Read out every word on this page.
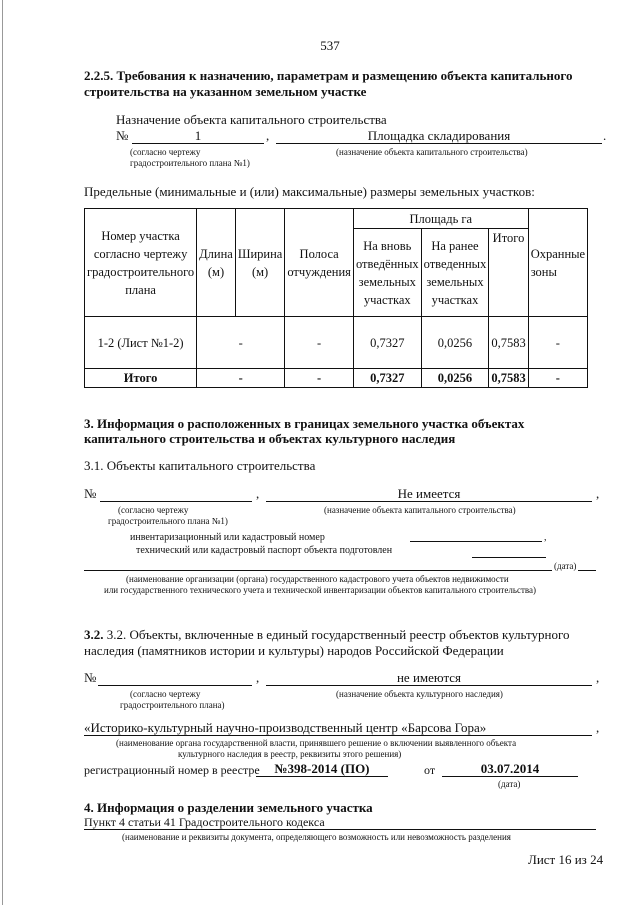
537
2.2.5. Требования к назначению, параметрам и размещению объекта капитального
строительства на указанном земельном участке
Назначение объекта капитального строительства
№	1	,	Площадка складирования	.
(согласно чертежу
градостроительного плана №1)
(назначение объекта капитального строительства)
Предельные (минимальные и (или) максимальные) размеры земельных участков:
Номер участка согласно чертежу градостроительного плана	Длина (м)	Ширина (м)	Полоса отчуждения	Площадь га			Охранные зоны
				На вновь отведённых земельных участках	На ранее отведенных земельных участках	Итого	
1-2 (Лист №1-2)	-		-	0,7327	0,0256	0,7583	-
Итого	-		-	0,7327	0,0256	0,7583	-
3. Информация о расположенных в границах земельного участка объектах
капитального строительства и объектах культурного наследия
3.1. Объекты капитального строительства
№	,	Не имеется	,
(согласно чертежу
градостроительного плана №1)
(назначение объекта капитального строительства)
инвентаризационный или кадастровый номер	,
технический или кадастровый паспорт объекта подготовлен
(дата)
(наименование организации (органа) государственного кадастрового учета объектов недвижимости
или государственного технического учета и технической инвентаризации объектов капитального строительства)
3.2. 3.2. Объекты, включенные в единый государственный реестр объектов культурного
наследия (памятников истории и культуры) народов Российской Федерации
№	,	не имеются	,
(согласно чертежу
градостроительного плана)
(назначение объекта культурного наследия)
«Историко-культурный научно-производственный центр «Барсова Гора»	,
(наименование органа государственной власти, принявшего решение о включении выявленного объекта
культурного наследия в реестр, реквизиты этого решения)
регистрационный номер в реестре	№398-2014 (ПО)	от	03.07.2014
(дата)
4. Информация о разделении земельного участка
Пункт 4 статьи 41 Градостроительного кодекса
(наименование и реквизиты документа, определяющего возможность или невозможность разделения
Лист 16 из 24
